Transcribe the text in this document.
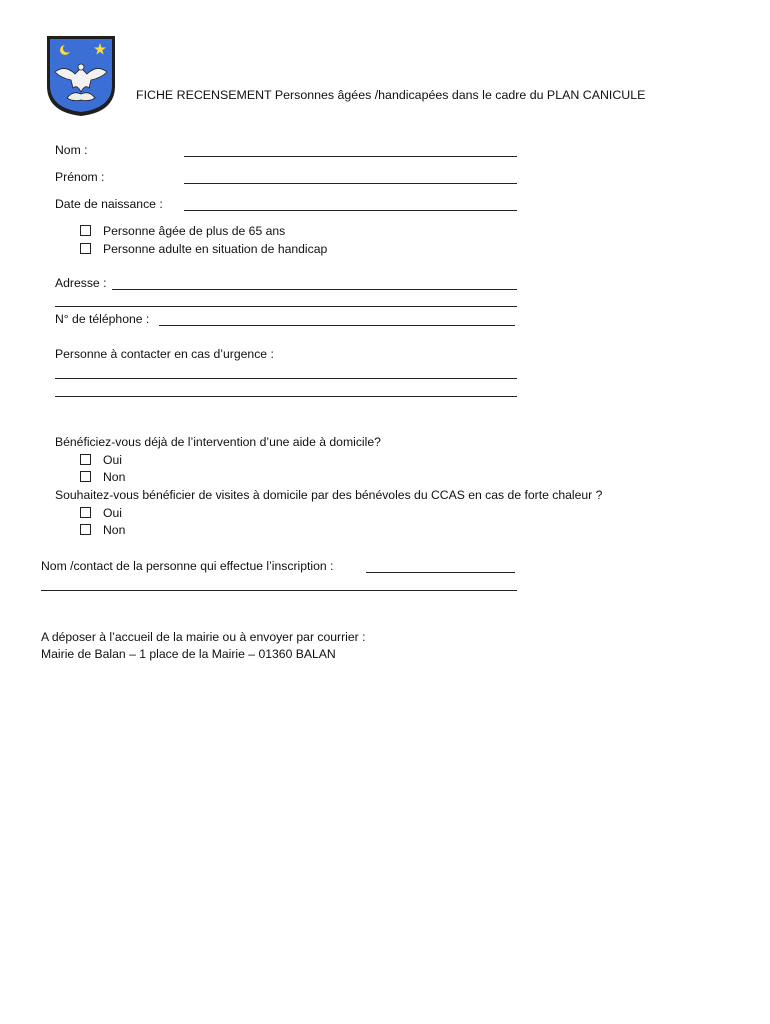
FICHE RECENSEMENT Personnes âgées /handicapées dans le cadre du PLAN CANICULE
Nom :
Prénom :
Date de naissance :
Personne âgée de plus de 65 ans
Personne adulte en situation de handicap
Adresse :
N° de téléphone :
Personne à contacter en cas d’urgence :
Bénéficiez-vous déjà de l’intervention d’une aide à domicile?
Oui
Non
Souhaitez-vous bénéficier de visites à domicile par des bénévoles du CCAS en cas de forte chaleur ?
Oui
Non
Nom /contact de la personne qui effectue l’inscription :
A déposer à l’accueil de la mairie ou à envoyer par courrier :
Mairie de Balan – 1 place de la Mairie – 01360 BALAN
